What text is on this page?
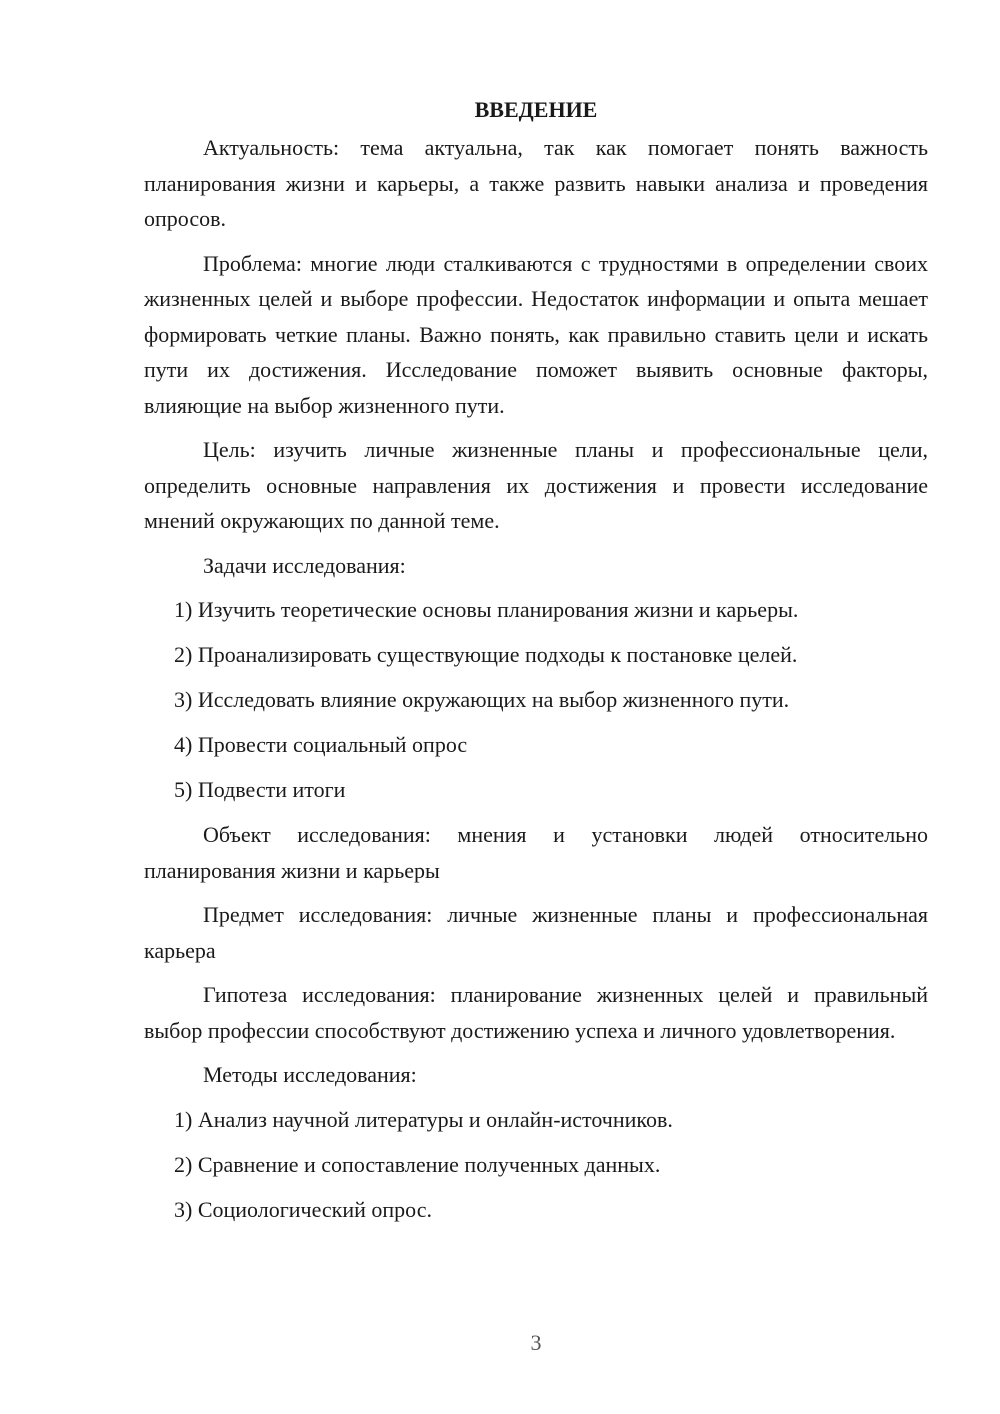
ВВЕДЕНИЕ

Актуальность: тема актуальна, так как помогает понять важность планирования жизни и карьеры, а также развить навыки анализа и проведения опросов.

Проблема: многие люди сталкиваются с трудностями в определении своих жизненных целей и выборе профессии. Недостаток информации и опыта мешает формировать четкие планы. Важно понять, как правильно ставить цели и искать пути их достижения. Исследование поможет выявить основные факторы, влияющие на выбор жизненного пути.

Цель: изучить личные жизненные планы и профессиональные цели, определить основные направления их достижения и провести исследование мнений окружающих по данной теме.

Задачи исследования:

1) Изучить теоретические основы планирования жизни и карьеры.
2) Проанализировать существующие подходы к постановке целей.
3) Исследовать влияние окружающих на выбор жизненного пути.
4) Провести социальный опрос
5) Подвести итоги

Объект исследования: мнения и установки людей относительно планирования жизни и карьеры

Предмет исследования: личные жизненные планы и профессиональная карьера

Гипотеза исследования: планирование жизненных целей и правильный выбор профессии способствуют достижению успеха и личного удовлетворения.

Методы исследования:

1) Анализ научной литературы и онлайн-источников.
2) Сравнение и сопоставление полученных данных.
3) Социологический опрос.
3
